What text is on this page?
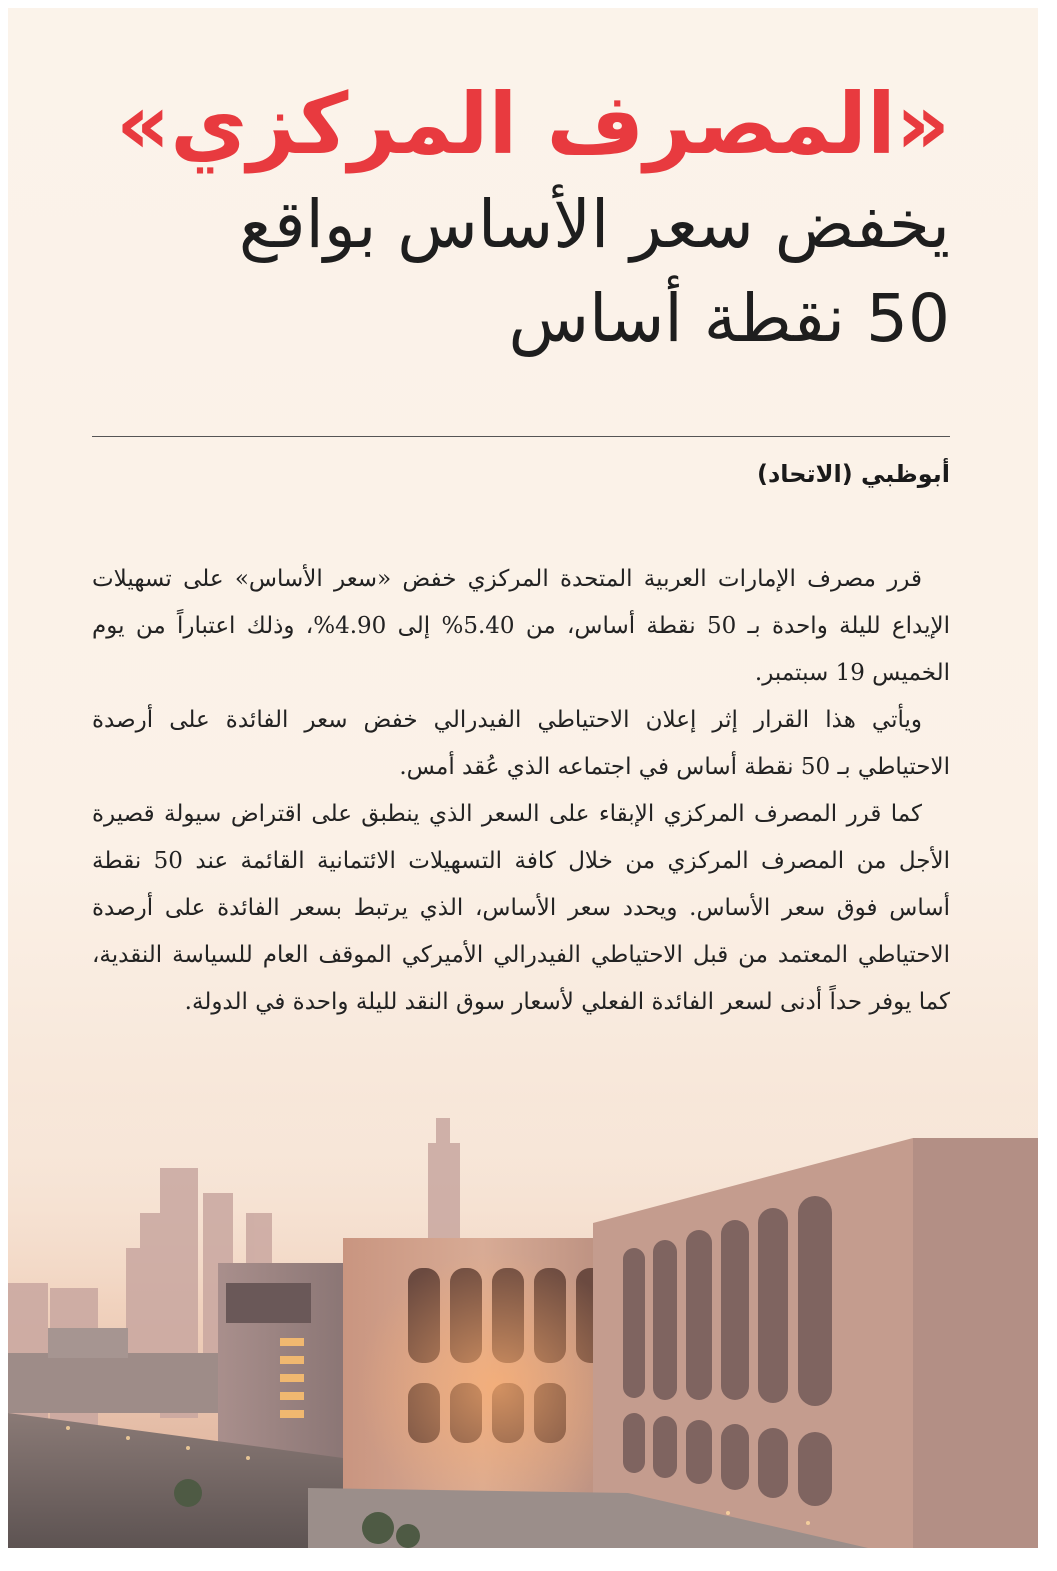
«المصرف المركزي»
يخفض سعر الأساس بواقع
50 نقطة أساس
أبوظبي (الاتحاد)

قرر مصرف الإمارات العربية المتحدة المركزي خفض «سعر الأساس» على تسهيلات الإيداع لليلة واحدة بـ 50 نقطة أساس، من 5.40% إلى 4.90%، وذلك اعتباراً من يوم الخميس 19 سبتمبر.

ويأتي هذا القرار إثر إعلان الاحتياطي الفيدرالي خفض سعر الفائدة على أرصدة الاحتياطي بـ 50 نقطة أساس في اجتماعه الذي عُقد أمس.

كما قرر المصرف المركزي الإبقاء على السعر الذي ينطبق على اقتراض سيولة قصيرة الأجل من المصرف المركزي من خلال كافة التسهيلات الائتمانية القائمة عند 50 نقطة أساس فوق سعر الأساس. ويحدد سعر الأساس، الذي يرتبط بسعر الفائدة على أرصدة الاحتياطي المعتمد من قبل الاحتياطي الفيدرالي الأميركي الموقف العام للسياسة النقدية، كما يوفر حداً أدنى لسعر الفائدة الفعلي لأسعار سوق النقد لليلة واحدة في الدولة.
